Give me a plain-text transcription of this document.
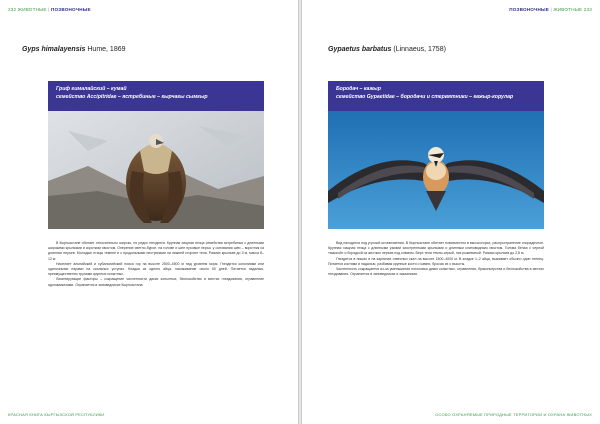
232 ЖИВОТНЫЕ | ПОЗВОНОЧНЫЕ
Gyps himalayensis Hume, 1869
Гриф гималайский – кумай
семейство Accipitridae – ястребиные – кырчагы сымгыр

В Кыргызстане обитает относительно широко, но редко гнездится. Крупная хищная птица семейства ястребиных с длинными широкими крыльями и коротким хвостом. Оперение светло-бурое, на голове и шее пуховые перья, у основания шеи – воротник из длинных перьев. Молодые птицы темнее и с продольными пестринами на нижней стороне тела. Размах крыльев до 3 м, масса 8–12 кг.

Населяет альпийский и субальпийский пояса гор на высоте 2500–4500 м над уровнем моря. Гнездится колониями или одиночными парами на скальных уступах. Кладка из одного яйца, насиживание около 50 дней. Питается падалью, преимущественно трупами крупных копытных.

Лимитирующие факторы – сокращение численности диких копытных, беспокойство в местах гнездования, отравление ядохимикатами. Охраняется в заповедниках Кыргызстана.

КРАСНАЯ КНИГА КЫРГЫЗСКОЙ РЕСПУБЛИКИ
ПОЗВОНОЧНЫЕ | ЖИВОТНЫЕ 233
Gypaetus barbatus (Linnaeus, 1758)
Бородач – кажыр
семейство Gypaetidae – бородачи и стервятники – кажыр-корулар

Вид находится под угрозой исчезновения. В Кыргызстане обитает повсеместно в высокогорье, распространение спорадичное. Крупная хищная птица с длинными узкими заостренными крыльями и длинным клиновидным хвостом. Голова белая с черной «маской» и бородкой из жестких перьев под клювом. Верх тела темно-серый, низ рыжеватый. Размах крыльев до 2,8 м.

Гнездится в нишах и на карнизах отвесных скал на высоте 1500–4000 м. В кладке 1–2 яйца, выживает обычно один птенец. Питается костями и падалью, разбивая крупные кости о камни, бросая их с высоты.

Численность сокращается из-за уменьшения поголовья диких копытных, отравления, браконьерства и беспокойства в местах гнездования. Охраняется в заповедниках и заказниках.

ОСОБО ОХРАНЯЕМЫЕ ПРИРОДНЫЕ ТЕРРИТОРИИ И ОХРАНА ЖИВОТНЫХ
